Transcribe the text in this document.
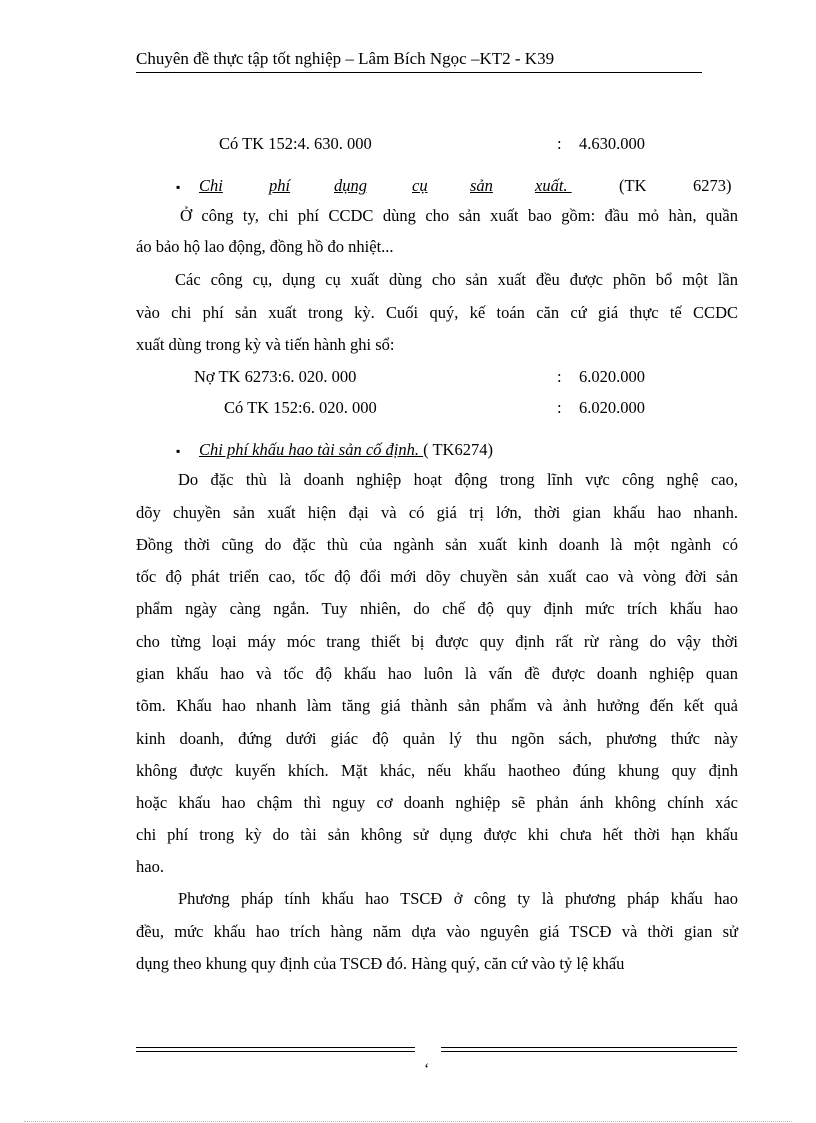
Chuyên đề thực tập tốt nghiệp – Lâm Bích Ngọc –KT2 - K39
Có TK 152:4. 630. 000	: 4.630.000
▪ Chi	phí	dụng	cụ	sản	xuất.	(TK	6273)
Ở công ty, chi phí CCDC dùng cho sản xuất bao gồm: đầu mỏ hàn, quần
áo bảo hộ lao động, đồng hồ đo nhiệt...
Các công cụ, dụng cụ xuất dùng cho sản xuất đều được phõn bổ một lần
vào chi phí sản xuất trong kỳ. Cuối quý, kế toán căn cứ giá thực tế CCDC
xuất dùng trong kỳ và tiến hành ghi sổ:
Nợ TK 6273:6. 020. 000	: 6.020.000
Có TK 152:6. 020. 000	: 6.020.000
▪ Chi phí khấu hao tài sản cố định. ( TK6274)
Do đặc thù là doanh nghiệp hoạt động trong lĩnh vực công nghệ cao,
dõy chuyền sản xuất hiện đại và có giá trị lớn, thời gian khấu hao nhanh.
Đồng thời cũng do đặc thù của ngành sản xuất kinh doanh là một ngành có
tốc độ phát triển cao, tốc độ đổi mới dõy chuyền sản xuất cao và vòng đời sản
phẩm ngày càng ngắn. Tuy nhiên, do chế độ quy định mức trích khấu hao
cho từng loại máy móc trang thiết bị được quy định rất rừ ràng do vậy thời
gian khấu hao và tốc độ khấu hao luôn là vấn đề được doanh nghiệp quan
tõm. Khấu hao nhanh làm tăng giá thành sản phẩm và ảnh hưởng đến kết quả
kinh doanh, đứng dưới giác độ quản lý thu ngõn sách, phương thức này
không được kuyến khích. Mặt khác, nếu khấu haotheo đúng khung quy định
hoặc khấu hao chậm thì nguy cơ doanh nghiệp sẽ phản ánh không chính xác
chi phí trong kỳ do tài sản không sử dụng được khi chưa hết thời hạn khấu
hao.
Phương pháp tính khấu hao TSCĐ ở công ty là phương pháp khấu hao
đều, mức khấu hao trích hàng năm dựa vào nguyên giá TSCĐ và thời gian sử
dụng theo khung quy định của TSCĐ đó. Hàng quý, căn cứ vào tỷ lệ khấu
ʻ
